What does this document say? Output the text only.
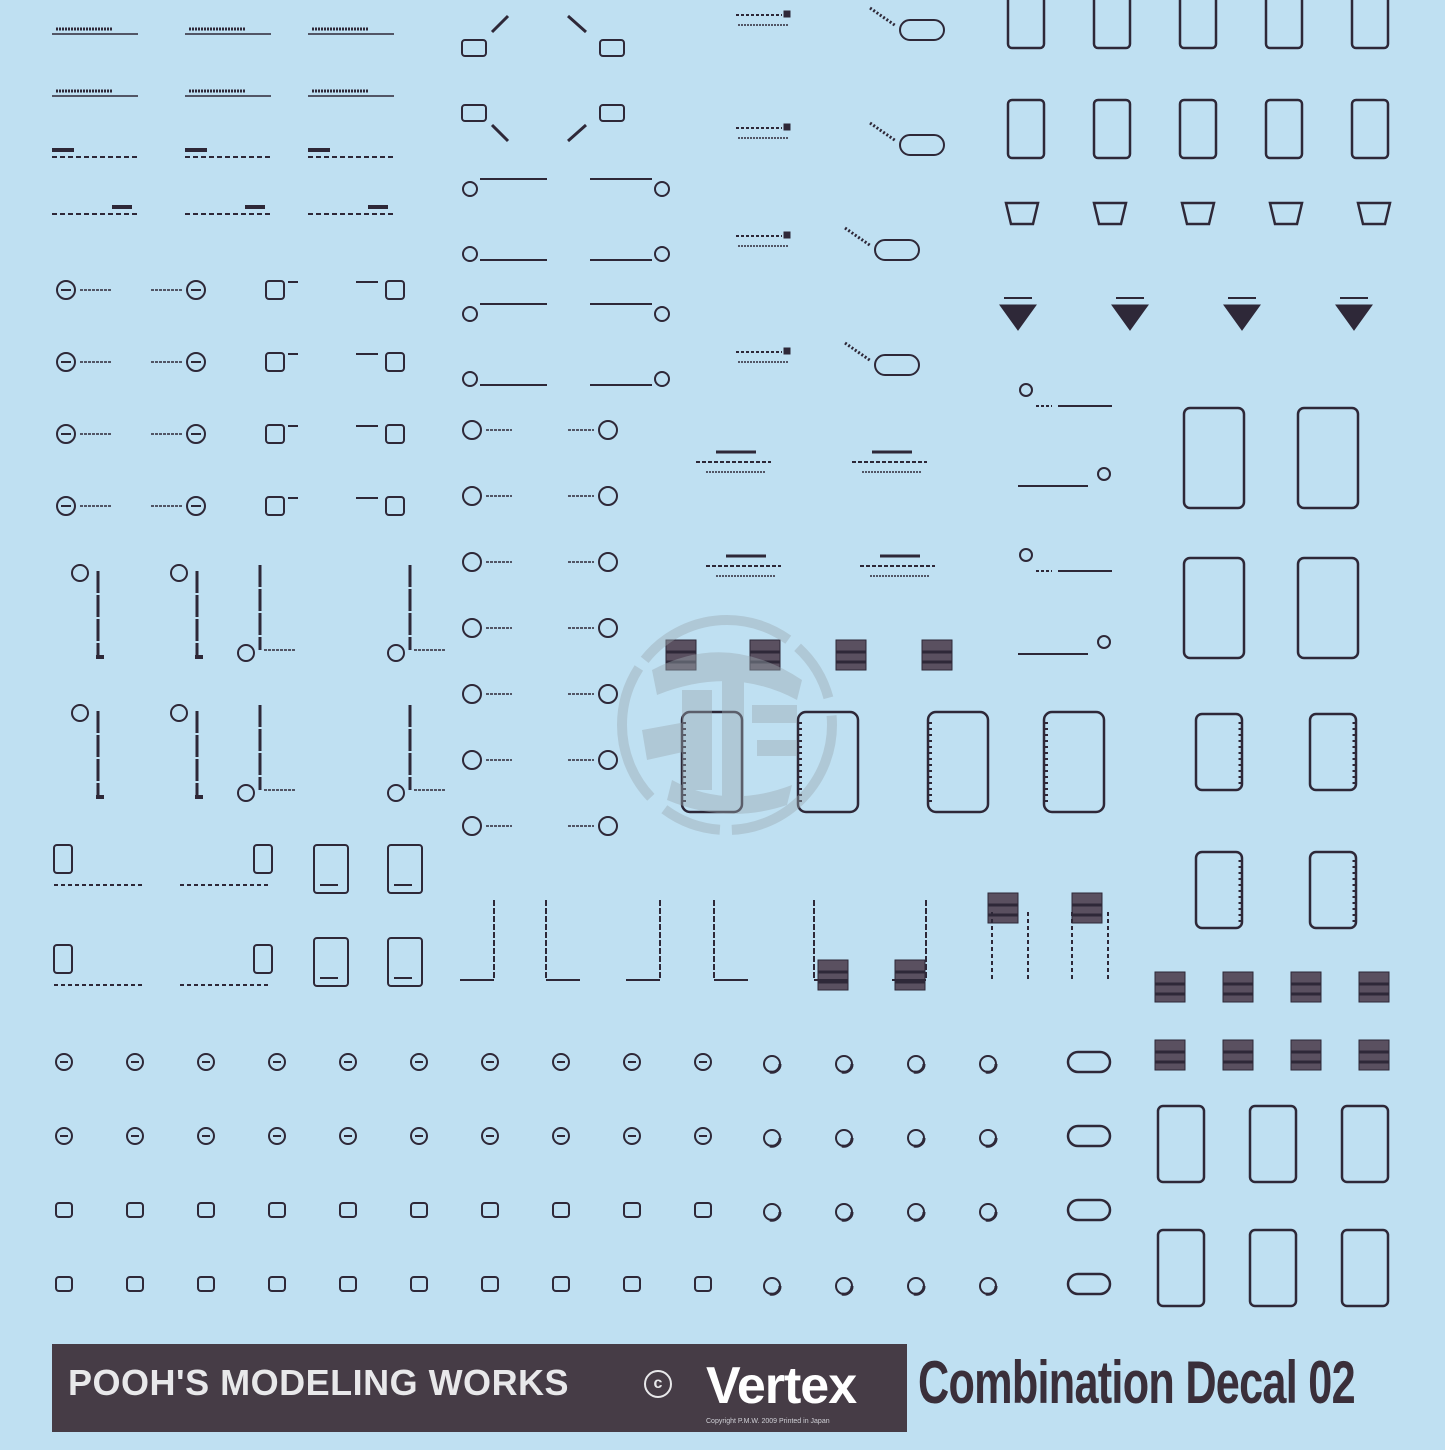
POOH'S MODELING WORKS	c Vertex
Copyright P.M.W. 2009 Printed in Japan
Combination Decal 02
